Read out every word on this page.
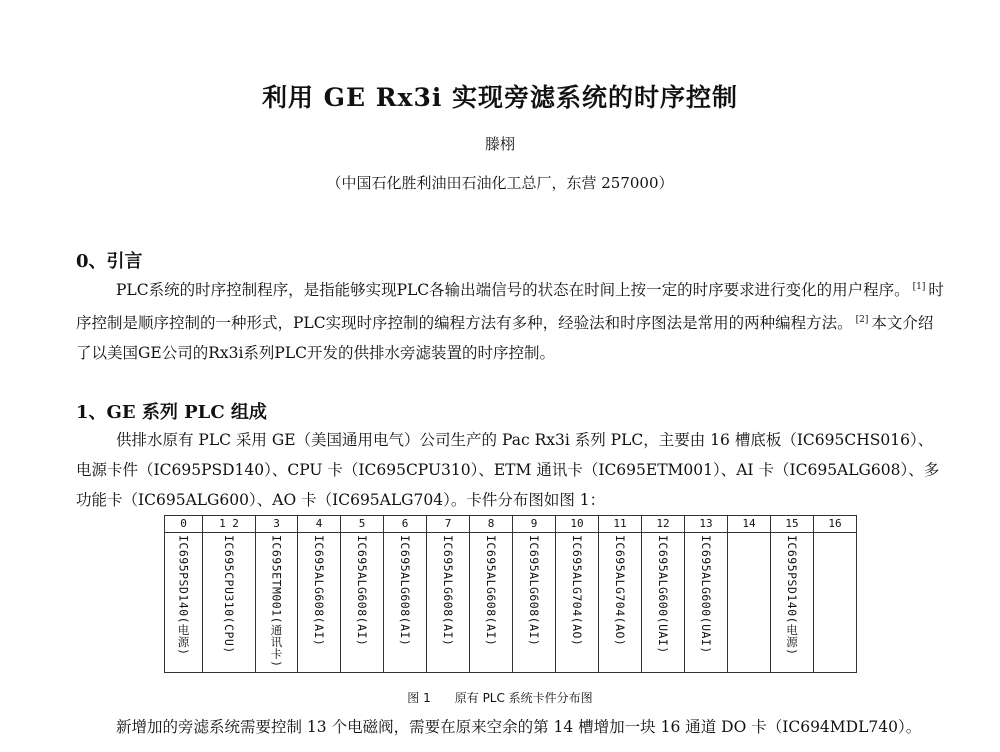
利用 GE Rx3i 实现旁滤系统的时序控制
滕栩
（中国石化胜利油田石油化工总厂，东营 257000）
0、引言

PLC系统的时序控制程序，是指能够实现PLC各输出端信号的状态在时间上按一定的时序要求进行变化的用户程序。 [1] 时序控制是顺序控制的一种形式，PLC实现时序控制的编程方法有多种，经验法和时序图法是常用的两种编程方法。 [2] 本文介绍了以美国GE公司的Rx3i系列PLC开发的供排水旁滤装置的时序控制。

1、GE 系列 PLC 组成

供排水原有 PLC 采用 GE（美国通用电气）公司生产的 Pac Rx3i 系列 PLC，主要由 16 槽底板（IC695CHS016）、电源卡件（IC695PSD140）、CPU 卡（IC695CPU310）、ETM 通讯卡（IC695ETM001）、AI 卡（IC695ALG608）、多功能卡（IC695ALG600）、AO 卡（IC695ALG704）。卡件分布图如图 1：

0	1 2	3	4	5	6	7	8	9	10	11	12	13	14	15	16
IC695PSD140(电源)	IC695CPU310(CPU)	IC695ETM001(通讯卡)	IC695ALG608(AI)	IC695ALG608(AI)	IC695ALG608(AI)	IC695ALG608(AI)	IC695ALG608(AI)	IC695ALG608(AI)	IC695ALG704(AO)	IC695ALG704(AO)	IC695ALG600(UAI)	IC695ALG600(UAI)		IC695PSD140(电源)	
图 1 原有 PLC 系统卡件分布图

新增加的旁滤系统需要控制 13 个电磁阀，需要在原来空余的第 14 槽增加一块 16 通道 DO 卡（IC694MDL740）。
